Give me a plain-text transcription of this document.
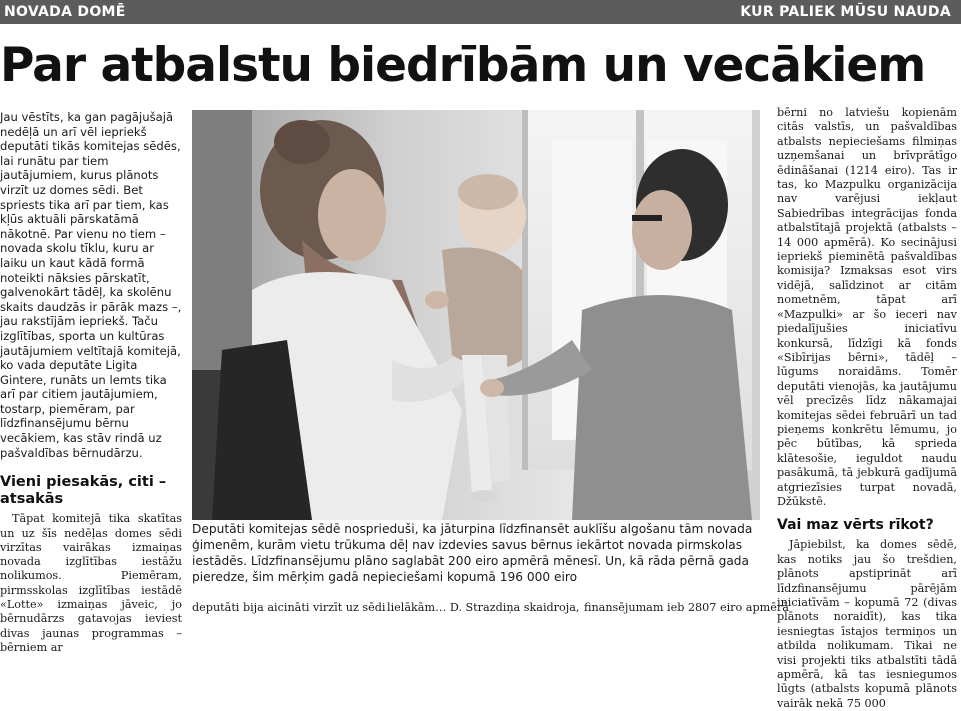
NOVADA DOMĒ	KUR PALIEK MŪSU NAUDA
Par atbalstu biedrībām un vecākiem

Jau vēstīts, ka gan pagājušajā nedēļā un arī vēl iepriekš deputāti tikās komitejas sēdēs, lai runātu par tiem jautājumiem, kurus plānots virzīt uz domes sēdi. Bet spriests tika arī par tiem, kas kļūs aktuāli pārskatāmā nākotnē. Par vienu no tiem – novada skolu tīklu, kuru ar laiku un kaut kādā formā noteikti nāksies pārskatīt, galvenokārt tādēļ, ka skolēnu skaits daudzās ir pārāk mazs –, jau rakstījām iepriekš. Taču izglītības, sporta un kultūras jautājumiem veltītajā komitejā, ko vada deputāte Ligita Gintere, runāts un lemts tika arī par citiem jautājumiem, tostarp, piemēram, par līdzfinansējumu bērnu vecākiem, kas stāv rindā uz pašvaldības bērnudārzu.

Vieni piesakās, citi – atsakās

Tāpat komitejā tika skatītas un uz šīs nedēļas domes sēdi virzītas vairākas izmaiņas novada izglītības iestāžu nolikumos. Piemēram, pirmsskolas izglītības iestādē «Lotte» izmaiņas jāveic, jo bērnudārzs gatavojas ieviest divas jaunas programmas – bērniem ar

Deputāti komitejas sēdē nosprieduši, ka jāturpina līdzfinansēt auklīšu algošanu tām novada ģimenēm, kurām vietu trūkuma dēļ nav izdevies savus bērnus iekārtot novada pirmskolas iestādēs. Līdzfinansējumu plāno saglabāt 200 eiro apmērā mēnesī. Un, kā rāda pērnā gada pieredze, šim mērķim gadā nepieciešami kopumā 196 000 eiro

bērni no latviešu kopienām citās valstīs, un pašvaldības atbalsts nepieciešams filmiņas uzņemšanai un brīvprātīgo ēdināšanai (1214 eiro). Tas ir tas, ko Mazpulku organizācija nav varējusi iekļaut Sabiedrības integrācijas fonda atbalstītajā projektā (atbalsts – 14 000 apmērā). Ko secinājusi iepriekš pieminētā pašvaldības komisija? Izmaksas esot virs vidējā, salīdzinot ar citām nometnēm, tāpat arī «Mazpulki» ar šo ieceri nav piedalījušies iniciatīvu konkursā, līdzīgi kā fonds «Sibīrijas bērni», tādēļ – lūgums noraidāms. Tomēr deputāti vienojās, ka jautājumu vēl precīzēs līdz nākamajai komitejas sēdei februārī un tad pieņems konkrētu lēmumu, jo pēc būtības, kā sprieda klātesošie, ieguldot naudu pasākumā, tā jebkurā gadījumā atgriezīsies turpat novadā, Džūkstē.

Vai maz vērts rīkot?

Jāpiebilst, ka domes sēdē, kas notiks jau šo trešdien, plānots apstiprināt arī līdzfinansējumu pārējām iniciatīvām – kopumā 72 (divas plānots noraidīt), kas tika iesniegtas īstajos termiņos un atbilda nolikumam. Tikai ne visi projekti tiks atbalstīti tādā apmērā, kā tas iesniegumos lūgts (atbalsts kopumā plānots vairāk nekā 75 000

deputāti bija aicināti virzīt uz sēdi lielākām… D. Strazdiņa skaidroja, finansējumam ieb 2807 eiro apmērā
